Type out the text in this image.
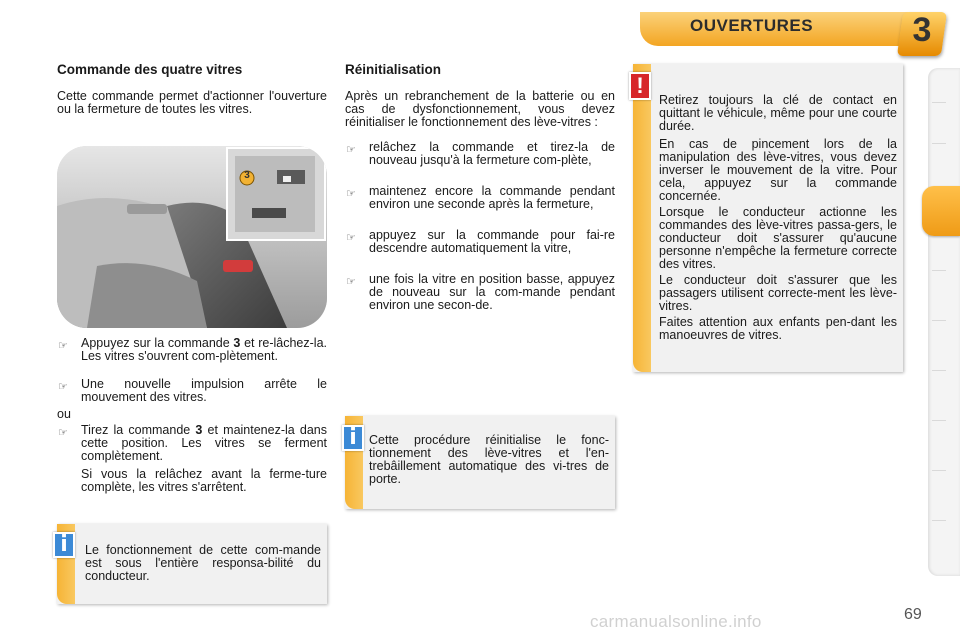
OUVERTURES	3
Commande des quatre vitres
Cette commande permet d'actionner l'ouverture ou la fermeture de toutes les vitres.
3
☞ Appuyez sur la commande 3 et re-lâchez-la. Les vitres s'ouvrent com-plètement.
☞ Une nouvelle impulsion arrête le mouvement des vitres.
ou
☞ Tirez la commande 3 et maintenez-la dans cette position. Les vitres se ferment complètement.
Si vous la relâchez avant la ferme-ture complète, les vitres s'arrêtent.
Le fonctionnement de cette com-mande est sous l'entière responsa-bilité du conducteur.
i
Réinitialisation
Après un rebranchement de la batterie ou en cas de dysfonctionnement, vous devez réinitialiser le fonctionnement des lève-vitres :
☞ relâchez la commande et tirez-la de nouveau jusqu'à la fermeture com-plète,
☞ maintenez encore la commande pendant environ une seconde après la fermeture,
☞ appuyez sur la commande pour fai-re descendre automatiquement la vitre,
☞ une fois la vitre en position basse, appuyez de nouveau sur la com-mande pendant environ une secon-de.
Cette procédure réinitialise le fonc-tionnement des lève-vitres et l'en-trebâillement automatique des vi-tres de porte.
i
Retirez toujours la clé de contact en quittant le véhicule, même pour une courte durée.
En cas de pincement lors de la manipulation des lève-vitres, vous devez inverser le mouvement de la vitre. Pour cela, appuyez sur la commande concernée.
Lorsque le conducteur actionne les commandes des lève-vitres passa-gers, le conducteur doit s'assurer qu'aucune personne n'empêche la fermeture correcte des vitres.
Le conducteur doit s'assurer que les passagers utilisent correcte-ment les lève-vitres.
Faites attention aux enfants pen-dant les manoeuvres de vitres.
!
carmanualsonline.info	69
